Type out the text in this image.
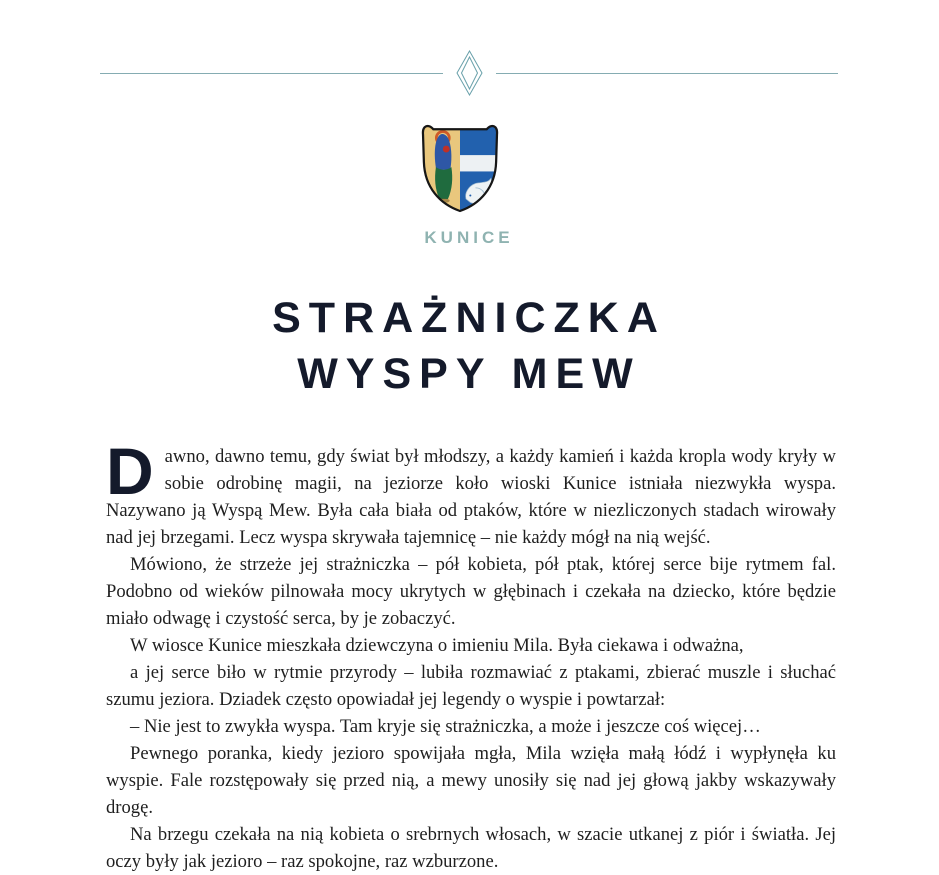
KUNICE
STRAŻNICZKA
WYSPY MEW

Dawno, dawno temu, gdy świat był młodszy, a każdy kamień i każda kropla wody kryły w sobie odrobinę magii, na jeziorze koło wioski Kunice istniała niezwykła wyspa. Nazywano ją Wyspą Mew. Była cała biała od ptaków, które w niezliczonych stadach wirowały nad jej brzegami. Lecz wyspa skrywała tajemnicę – nie każdy mógł na nią wejść.

Mówiono, że strzeże jej strażniczka – pół kobieta, pół ptak, której serce bije rytmem fal. Podobno od wieków pilnowała mocy ukrytych w głębinach i czekała na dziecko, które będzie miało odwagę i czystość serca, by je zobaczyć.

W wiosce Kunice mieszkała dziewczyna o imieniu Mila. Była ciekawa i odważna,

a jej serce biło w rytmie przyrody – lubiła rozmawiać z ptakami, zbierać muszle i słuchać szumu jeziora. Dziadek często opowiadał jej legendy o wyspie i powtarzał:

– Nie jest to zwykła wyspa. Tam kryje się strażniczka, a może i jeszcze coś więcej…

Pewnego poranka, kiedy jezioro spowijała mgła, Mila wzięła małą łódź i wypłynęła ku wyspie. Fale rozstępowały się przed nią, a mewy unosiły się nad jej głową jakby wskazywały drogę.

Na brzegu czekała na nią kobieta o srebrnych włosach, w szacie utkanej z piór i światła. Jej oczy były jak jezioro – raz spokojne, raz wzburzone.
